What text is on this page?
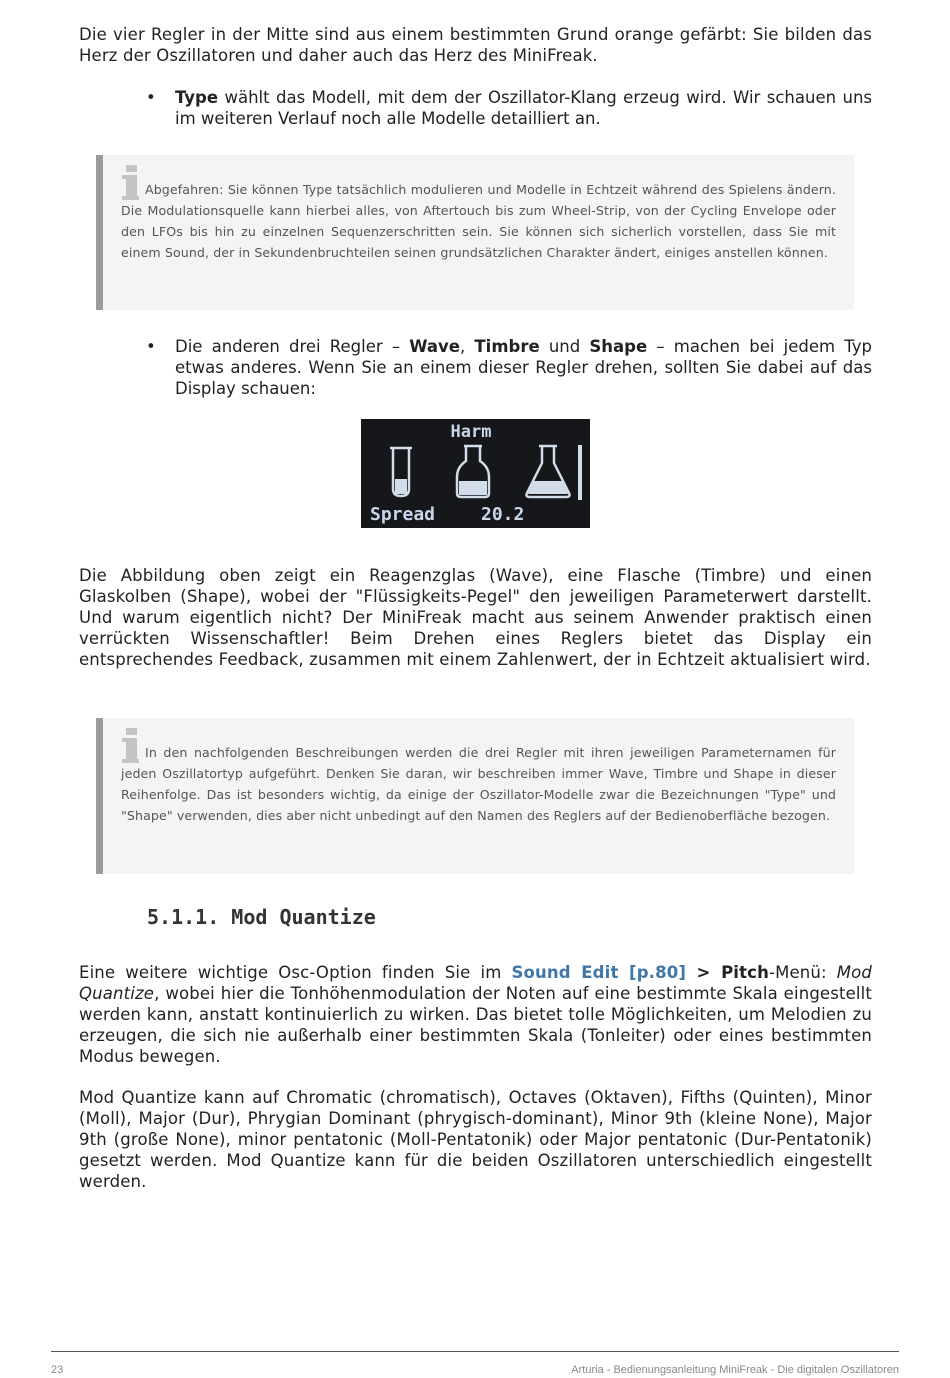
Die vier Regler in der Mitte sind aus einem bestimmten Grund orange gefärbt: Sie bilden das Herz der Oszillatoren und daher auch das Herz des MiniFreak.

• Type wählt das Modell, mit dem der Oszillator-Klang erzeug wird. Wir schauen uns im weiteren Verlauf noch alle Modelle detailliert an.

Abgefahren: Sie können Type tatsächlich modulieren und Modelle in Echtzeit während des Spielens ändern. Die Modulationsquelle kann hierbei alles, von Aftertouch bis zum Wheel-Strip, von der Cycling Envelope oder den LFOs bis hin zu einzelnen Sequenzerschritten sein. Sie können sich sicherlich vorstellen, dass Sie mit einem Sound, der in Sekundenbruchteilen seinen grundsätzlichen Charakter ändert, einiges anstellen können.

• Die anderen drei Regler – Wave, Timbre und Shape – machen bei jedem Typ etwas anderes. Wenn Sie an einem dieser Regler drehen, sollten Sie dabei auf das Display schauen:
Harm
Spread	20.2

Die Abbildung oben zeigt ein Reagenzglas (Wave), eine Flasche (Timbre) und einen Glaskolben (Shape), wobei der "Flüssigkeits-Pegel" den jeweiligen Parameterwert darstellt. Und warum eigentlich nicht? Der MiniFreak macht aus seinem Anwender praktisch einen verrückten Wissenschaftler! Beim Drehen eines Reglers bietet das Display ein entsprechendes Feedback, zusammen mit einem Zahlenwert, der in Echtzeit aktualisiert wird.

In den nachfolgenden Beschreibungen werden die drei Regler mit ihren jeweiligen Parameternamen für jeden Oszillatortyp aufgeführt. Denken Sie daran, wir beschreiben immer Wave, Timbre und Shape in dieser Reihenfolge. Das ist besonders wichtig, da einige der Oszillator-Modelle zwar die Bezeichnungen "Type" und "Shape" verwenden, dies aber nicht unbedingt auf den Namen des Reglers auf der Bedienoberfläche bezogen.

5.1.1. Mod Quantize

Eine weitere wichtige Osc-Option finden Sie im Sound Edit [p.80] > Pitch-Menü: Mod Quantize, wobei hier die Tonhöhenmodulation der Noten auf eine bestimmte Skala eingestellt werden kann, anstatt kontinuierlich zu wirken. Das bietet tolle Möglichkeiten, um Melodien zu erzeugen, die sich nie außerhalb einer bestimmten Skala (Tonleiter) oder eines bestimmten Modus bewegen.

Mod Quantize kann auf Chromatic (chromatisch), Octaves (Oktaven), Fifths (Quinten), Minor (Moll), Major (Dur), Phrygian Dominant (phrygisch-dominant), Minor 9th (kleine None), Major 9th (große None), minor pentatonic (Moll-Pentatonik) oder Major pentatonic (Dur-Pentatonik) gesetzt werden. Mod Quantize kann für die beiden Oszillatoren unterschiedlich eingestellt werden.

23	Arturia - Bedienungsanleitung MiniFreak - Die digitalen Oszillatoren
